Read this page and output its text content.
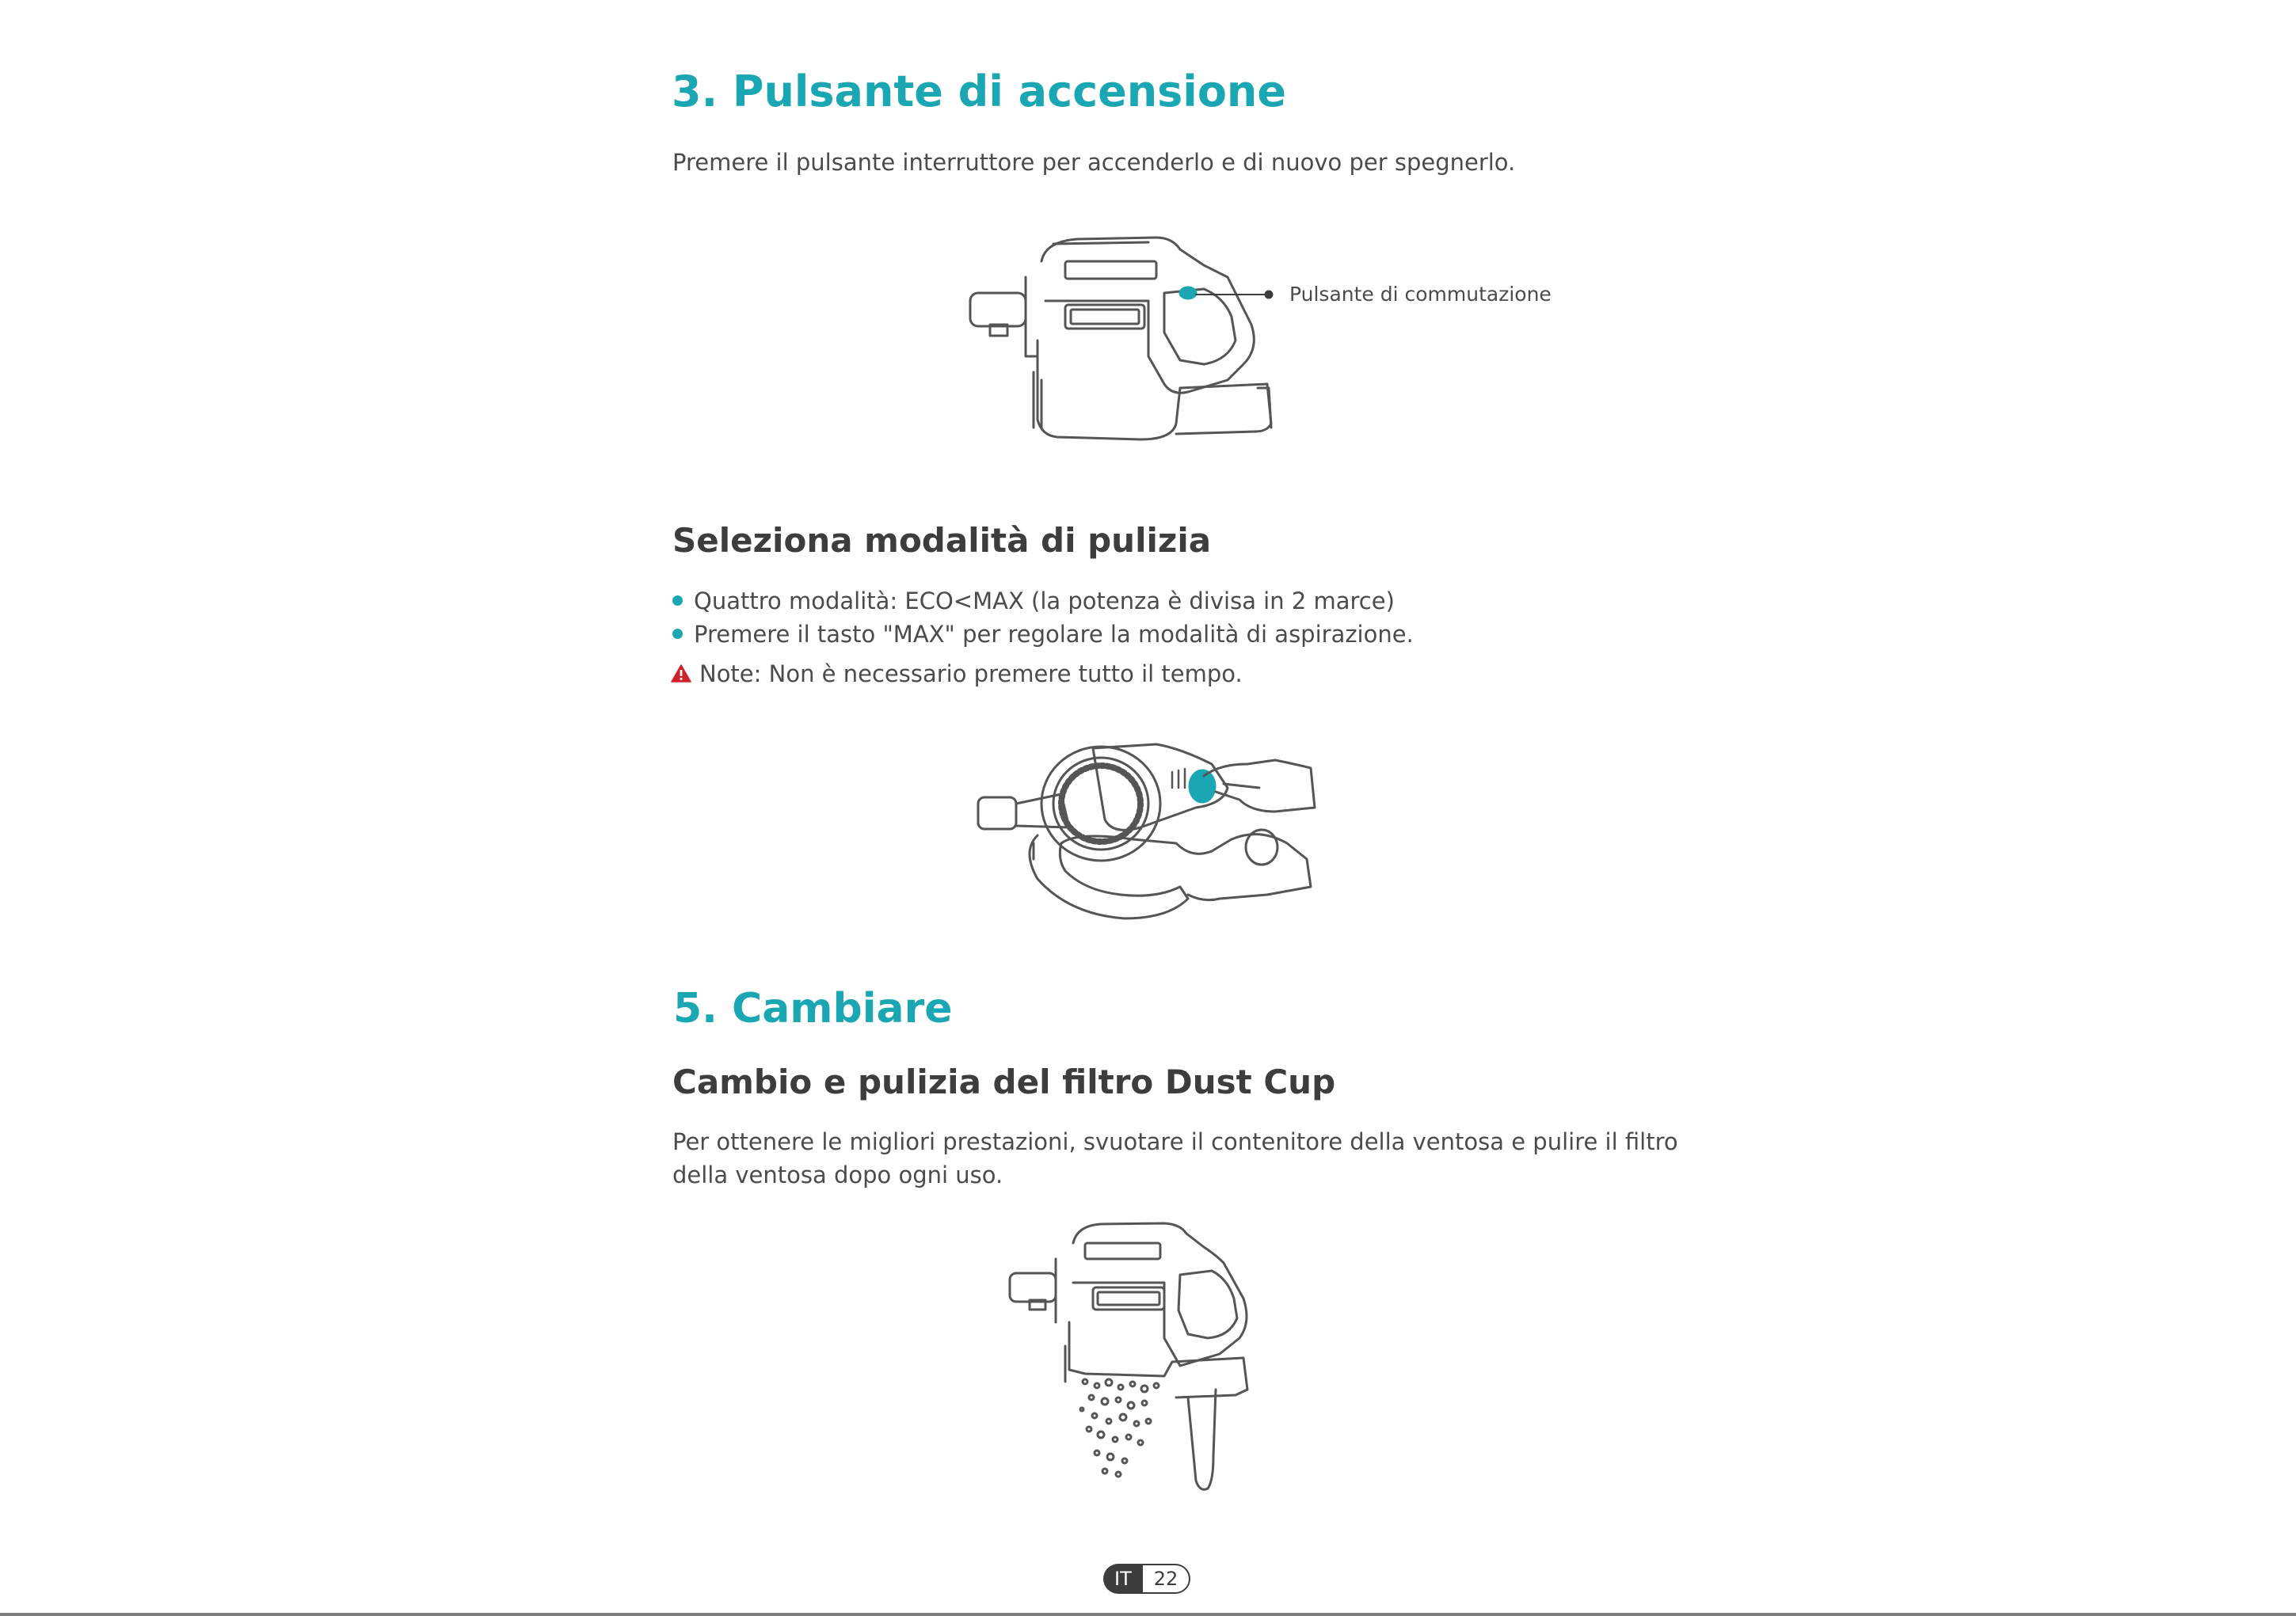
3. Pulsante di accensione
Premere il pulsante interruttore per accenderlo e di nuovo per spegnerlo.
Pulsante di commutazione
Seleziona modalità di pulizia
Quattro modalità: ECO<MAX (la potenza è divisa in 2 marce)
Premere il tasto "MAX" per regolare la modalità di aspirazione.
Note: Non è necessario premere tutto il tempo.
5. Cambiare
Cambio e pulizia del filtro Dust Cup
Per ottenere le migliori prestazioni, svuotare il contenitore della ventosa e pulire il filtro
della ventosa dopo ogni uso.
IT	22
